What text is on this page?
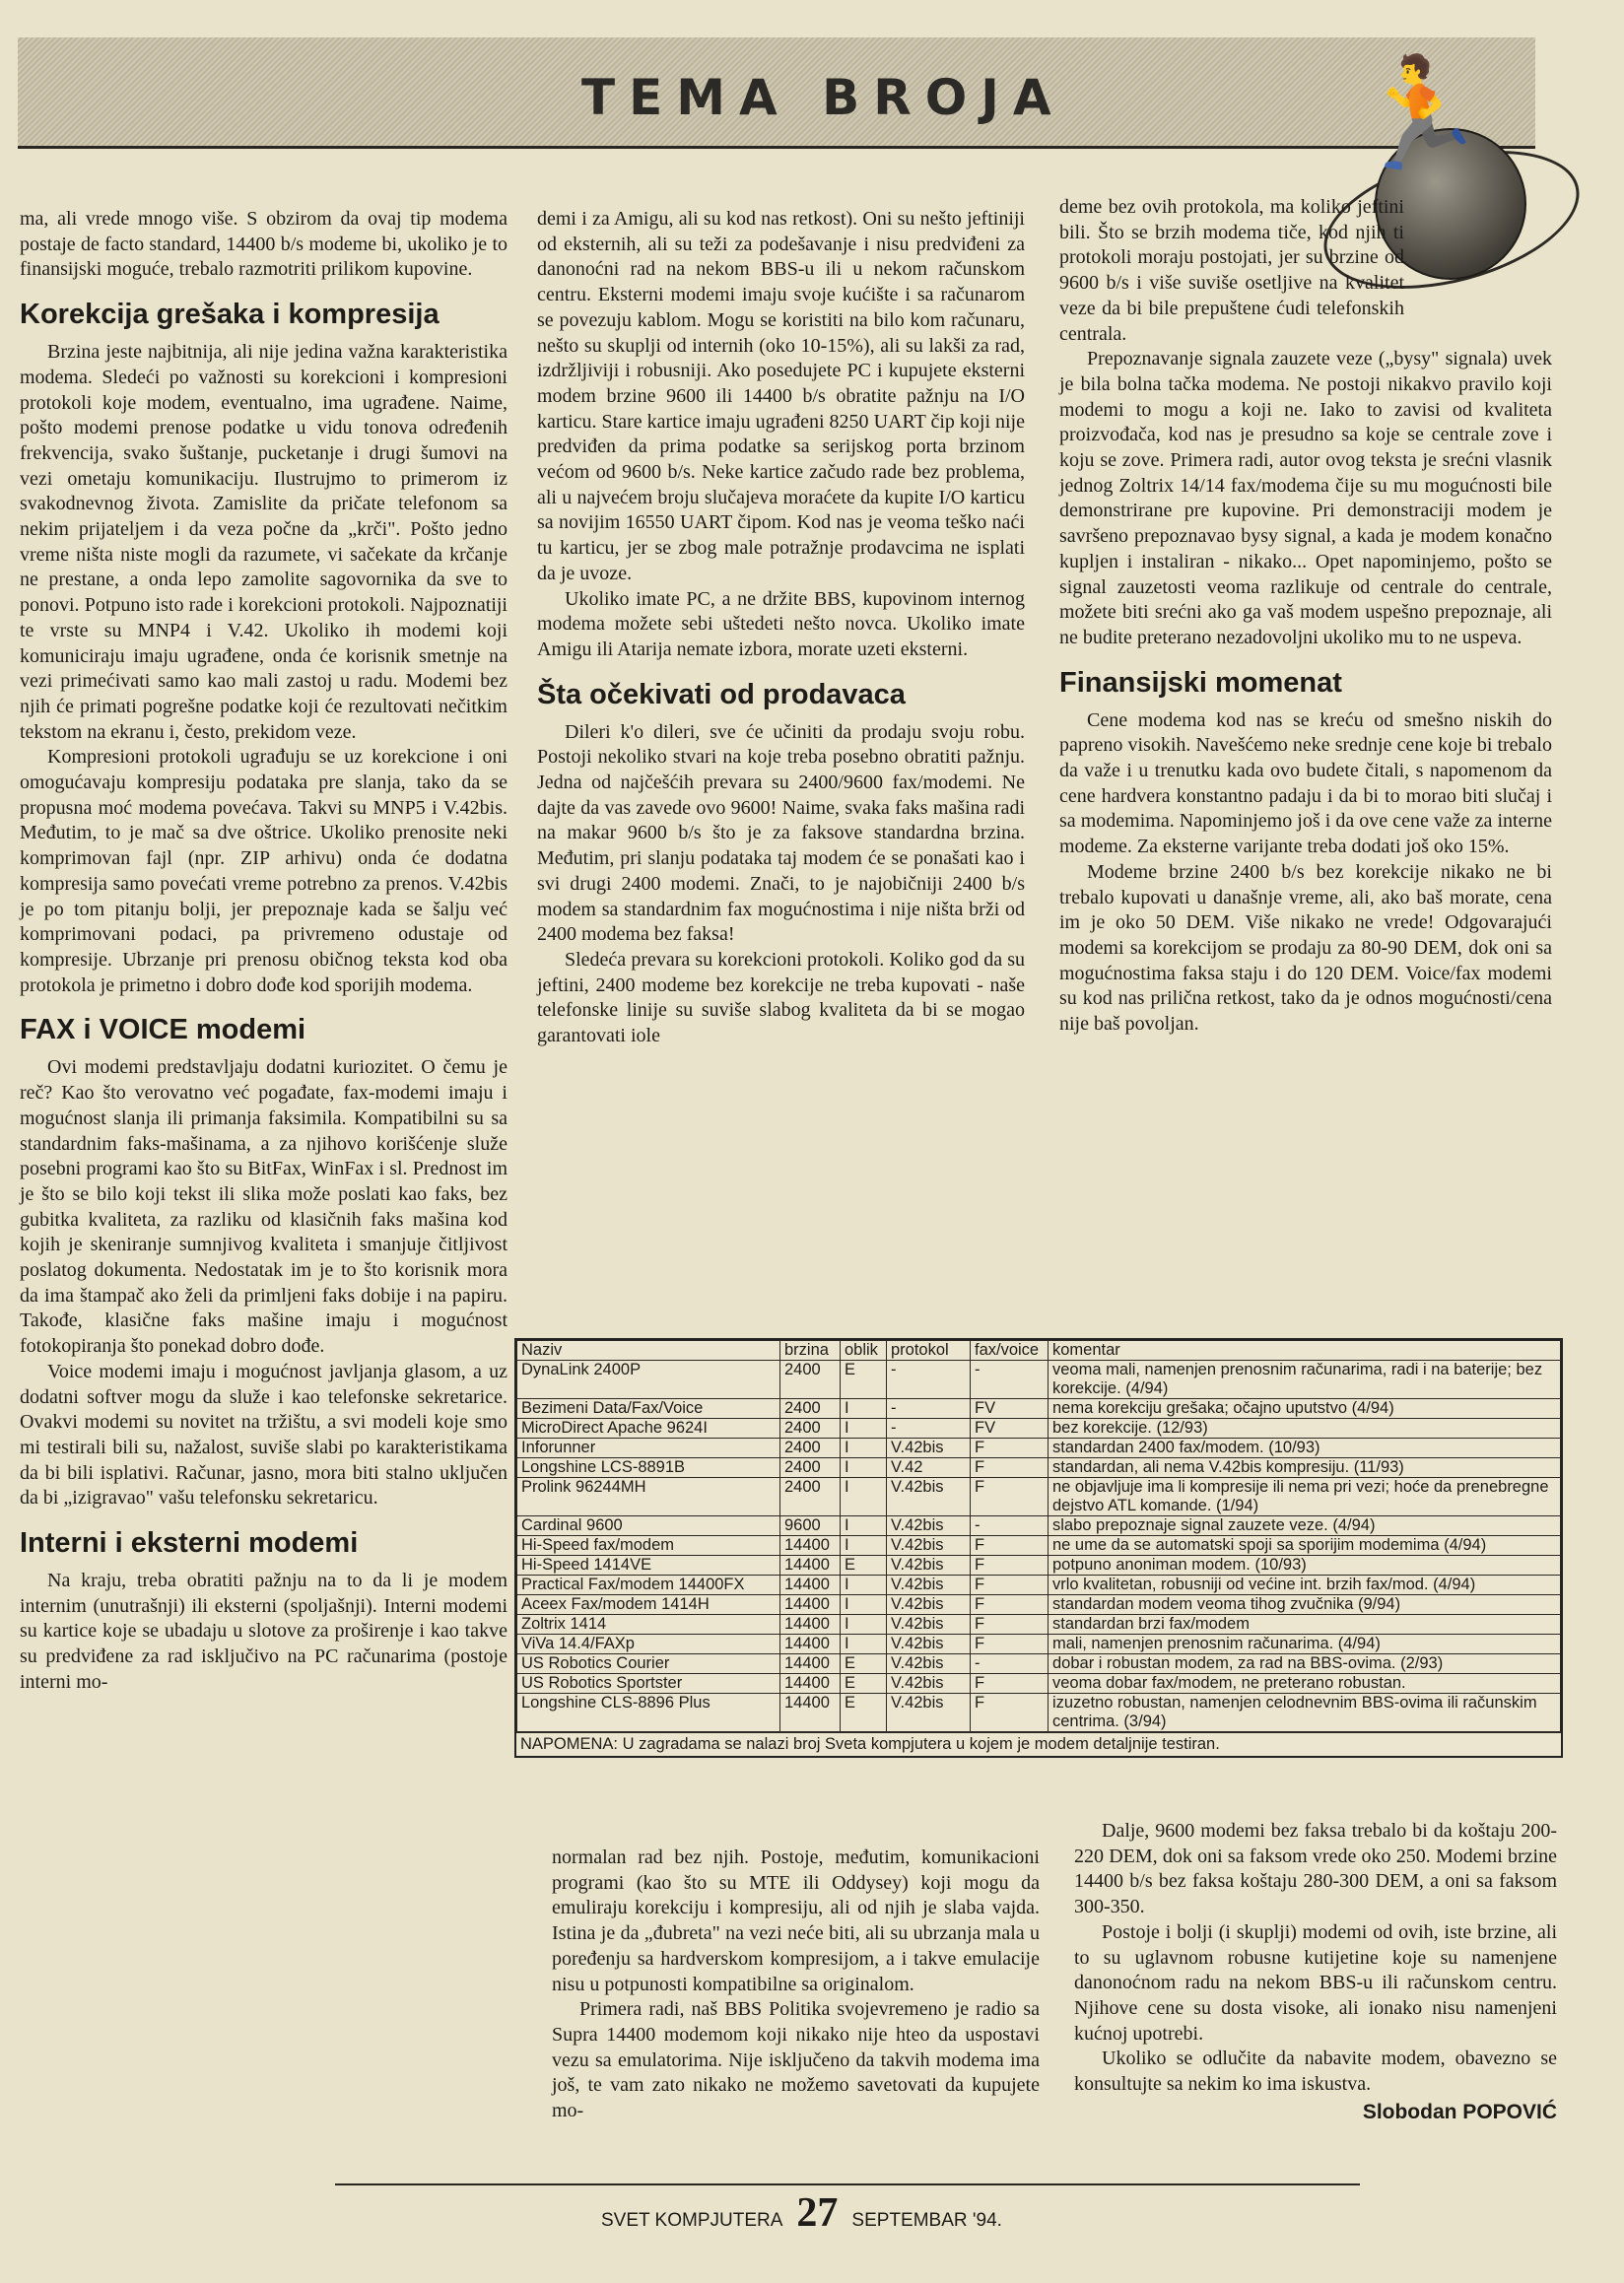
TEMA BROJA	🏃

ma, ali vrede mnogo više. S obzirom da ovaj tip modema postaje de facto standard, 14400 b/s modeme bi, ukoliko je to finansijski moguće, trebalo razmotriti prilikom kupovine.

Korekcija grešaka i kompresija

Brzina jeste najbitnija, ali nije jedina važna karakteristika modema. Sledeći po važnosti su korekcioni i kompresioni protokoli koje modem, eventualno, ima ugrađene. Naime, pošto modemi prenose podatke u vidu tonova određenih frekvencija, svako šuštanje, pucketanje i drugi šumovi na vezi ometaju komunikaciju. Ilustrujmo to primerom iz svakodnevnog života. Zamislite da pričate telefonom sa nekim prijateljem i da veza počne da „krči". Pošto jedno vreme ništa niste mogli da razumete, vi sačekate da krčanje ne prestane, a onda lepo zamolite sagovornika da sve to ponovi. Potpuno isto rade i korekcioni protokoli. Najpoznatiji te vrste su MNP4 i V.42. Ukoliko ih modemi koji komuniciraju imaju ugrađene, onda će korisnik smetnje na vezi primećivati samo kao mali zastoj u radu. Modemi bez njih će primati pogrešne podatke koji će rezultovati nečitkim tekstom na ekranu i, često, prekidom veze.

Kompresioni protokoli ugrađuju se uz korekcione i oni omogućavaju kompresiju podataka pre slanja, tako da se propusna moć modema povećava. Takvi su MNP5 i V.42bis. Međutim, to je mač sa dve oštrice. Ukoliko prenosite neki komprimovan fajl (npr. ZIP arhivu) onda će dodatna kompresija samo povećati vreme potrebno za prenos. V.42bis je po tom pitanju bolji, jer prepoznaje kada se šalju već komprimovani podaci, pa privremeno odustaje od kompresije. Ubrzanje pri prenosu običnog teksta kod oba protokola je primetno i dobro dođe kod sporijih modema.

FAX i VOICE modemi

Ovi modemi predstavljaju dodatni kuriozitet. O čemu je reč? Kao što verovatno već pogađate, fax-modemi imaju i mogućnost slanja ili primanja faksimila. Kompatibilni su sa standardnim faks-mašinama, a za njihovo korišćenje služe posebni programi kao što su BitFax, WinFax i sl. Prednost im je što se bilo koji tekst ili slika može poslati kao faks, bez gubitka kvaliteta, za razliku od klasičnih faks mašina kod kojih je skeniranje sumnjivog kvaliteta i smanjuje čitljivost poslatog dokumenta. Nedostatak im je to što korisnik mora da ima štampač ako želi da primljeni faks dobije i na papiru. Takođe, klasične faks mašine imaju i mogućnost fotokopiranja što ponekad dobro dođe.

Voice modemi imaju i mogućnost javljanja glasom, a uz dodatni softver mogu da služe i kao telefonske sekretarice. Ovakvi modemi su novitet na tržištu, a svi modeli koje smo mi testirali bili su, nažalost, suviše slabi po karakteristikama da bi bili isplativi. Računar, jasno, mora biti stalno uključen da bi „izigravao" vašu telefonsku sekretaricu.

Interni i eksterni modemi

Na kraju, treba obratiti pažnju na to da li je modem internim (unutrašnji) ili eksterni (spoljašnji). Interni modemi su kartice koje se ubadaju u slotove za proširenje i kao takve su predviđene za rad isključivo na PC računarima (postoje interni mo-

demi i za Amigu, ali su kod nas retkost). Oni su nešto jeftiniji od eksternih, ali su teži za podešavanje i nisu predviđeni za danonoćni rad na nekom BBS-u ili u nekom računskom centru. Eksterni modemi imaju svoje kućište i sa računarom se povezuju kablom. Mogu se koristiti na bilo kom računaru, nešto su skuplji od internih (oko 10-15%), ali su lakši za rad, izdržljiviji i robusniji. Ako posedujete PC i kupujete eksterni modem brzine 9600 ili 14400 b/s obratite pažnju na I/O karticu. Stare kartice imaju ugrađeni 8250 UART čip koji nije predviđen da prima podatke sa serijskog porta brzinom većom od 9600 b/s. Neke kartice začudo rade bez problema, ali u najvećem broju slučajeva moraćete da kupite I/O karticu sa novijim 16550 UART čipom. Kod nas je veoma teško naći tu karticu, jer se zbog male potražnje prodavcima ne isplati da je uvoze.

Ukoliko imate PC, a ne držite BBS, kupovinom internog modema možete sebi uštedeti nešto novca. Ukoliko imate Amigu ili Atarija nemate izbora, morate uzeti eksterni.

Šta očekivati od prodavaca

Dileri k'o dileri, sve će učiniti da prodaju svoju robu. Postoji nekoliko stvari na koje treba posebno obratiti pažnju. Jedna od najčešćih prevara su 2400/9600 fax/modemi. Ne dajte da vas zavede ovo 9600! Naime, svaka faks mašina radi na makar 9600 b/s što je za faksove standardna brzina. Međutim, pri slanju podataka taj modem će se ponašati kao i svi drugi 2400 modemi. Znači, to je najobičniji 2400 b/s modem sa standardnim fax mogućnostima i nije ništa brži od 2400 modema bez faksa!

Sledeća prevara su korekcioni protokoli. Koliko god da su jeftini, 2400 modeme bez korekcije ne treba kupovati - naše telefonske linije su suviše slabog kvaliteta da bi se mogao garantovati iole

deme bez ovih protokola, ma koliko jeftini bili. Što se brzih modema tiče, kod njih ti protokoli moraju postojati, jer su brzine od 9600 b/s i više suviše osetljive na kvalitet veze da bi bile prepuštene ćudi telefonskih centrala.

Prepoznavanje signala zauzete veze („bysy" signala) uvek je bila bolna tačka modema. Ne postoji nikakvo pravilo koji modemi to mogu a koji ne. Iako to zavisi od kvaliteta proizvođača, kod nas je presudno sa koje se centrale zove i koju se zove. Primera radi, autor ovog teksta je srećni vlasnik jednog Zoltrix 14/14 fax/modema čije su mu mogućnosti bile demonstrirane pre kupovine. Pri demonstraciji modem je savršeno prepoznavao bysy signal, a kada je modem konačno kupljen i instaliran - nikako... Opet napominjemo, pošto se signal zauzetosti veoma razlikuje od centrale do centrale, možete biti srećni ako ga vaš modem uspešno prepoznaje, ali ne budite preterano nezadovoljni ukoliko mu to ne uspeva.

Finansijski momenat

Cene modema kod nas se kreću od smešno niskih do papreno visokih. Navešćemo neke srednje cene koje bi trebalo da važe i u trenutku kada ovo budete čitali, s napomenom da cene hardvera konstantno padaju i da bi to morao biti slučaj i sa modemima. Napominjemo još i da ove cene važe za interne modeme. Za eksterne varijante treba dodati još oko 15%.

Modeme brzine 2400 b/s bez korekcije nikako ne bi trebalo kupovati u današnje vreme, ali, ako baš morate, cena im je oko 50 DEM. Više nikako ne vrede! Odgovarajući modemi sa korekcijom se prodaju za 80-90 DEM, dok oni sa mogućnostima faksa staju i do 120 DEM. Voice/fax modemi su kod nas prilična retkost, tako da je odnos mogućnosti/cena nije baš povoljan.

Naziv	brzina	oblik	protokol	fax/voice	komentar
DynaLink 2400P	2400	E	-	-	veoma mali, namenjen prenosnim računarima, radi i na baterije; bez korekcije. (4/94)
Bezimeni Data/Fax/Voice	2400	I	-	FV	nema korekciju grešaka; očajno uputstvo (4/94)
MicroDirect Apache 9624I	2400	I	-	FV	bez korekcije. (12/93)
Inforunner	2400	I	V.42bis	F	standardan 2400 fax/modem. (10/93)
Longshine LCS-8891B	2400	I	V.42	F	standardan, ali nema V.42bis kompresiju. (11/93)
Prolink 96244MH	2400	I	V.42bis	F	ne objavljuje ima li kompresije ili nema pri vezi; hoće da prenebregne dejstvo ATL komande. (1/94)
Cardinal 9600	9600	I	V.42bis	-	slabo prepoznaje signal zauzete veze. (4/94)
Hi-Speed fax/modem	14400	I	V.42bis	F	ne ume da se automatski spoji sa sporijim modemima (4/94)
Hi-Speed 1414VE	14400	E	V.42bis	F	potpuno anoniman modem. (10/93)
Practical Fax/modem 14400FX	14400	I	V.42bis	F	vrlo kvalitetan, robusniji od većine int. brzih fax/mod. (4/94)
Aceex Fax/modem 1414H	14400	I	V.42bis	F	standardan modem veoma tihog zvučnika (9/94)
Zoltrix 1414	14400	I	V.42bis	F	standardan brzi fax/modem
ViVa 14.4/FAXp	14400	I	V.42bis	F	mali, namenjen prenosnim računarima. (4/94)
US Robotics Courier	14400	E	V.42bis	-	dobar i robustan modem, za rad na BBS-ovima. (2/93)
US Robotics Sportster	14400	E	V.42bis	F	veoma dobar fax/modem, ne preterano robustan.
Longshine CLS-8896 Plus	14400	E	V.42bis	F	izuzetno robustan, namenjen celodnevnim BBS-ovima ili računskim centrima. (3/94)
NAPOMENA: U zagradama se nalazi broj Sveta kompjutera u kojem je modem detaljnije testiran.

normalan rad bez njih. Postoje, međutim, komunikacioni programi (kao što su MTE ili Oddysey) koji mogu da emuliraju korekciju i kompresiju, ali od njih je slaba vajda. Istina je da „đubreta" na vezi neće biti, ali su ubrzanja mala u poređenju sa hardverskom kompresijom, a i takve emulacije nisu u potpunosti kompatibilne sa originalom.

Primera radi, naš BBS Politika svojevremeno je radio sa Supra 14400 modemom koji nikako nije hteo da uspostavi vezu sa emulatorima. Nije isključeno da takvih modema ima još, te vam zato nikako ne možemo savetovati da kupujete mo-

Dalje, 9600 modemi bez faksa trebalo bi da koštaju 200-220 DEM, dok oni sa faksom vrede oko 250. Modemi brzine 14400 b/s bez faksa koštaju 280-300 DEM, a oni sa faksom 300-350.

Postoje i bolji (i skuplji) modemi od ovih, iste brzine, ali to su uglavnom robusne kutijetine koje su namenjene danonoćnom radu na nekom BBS-u ili računskom centru. Njihove cene su dosta visoke, ali ionako nisu namenjeni kućnoj upotrebi.

Ukoliko se odlučite da nabavite modem, obavezno se konsultujte sa nekim ko ima iskustva.

Slobodan POPOVIĆ
SVET KOMPJUTERA 27 SEPTEMBAR '94.
